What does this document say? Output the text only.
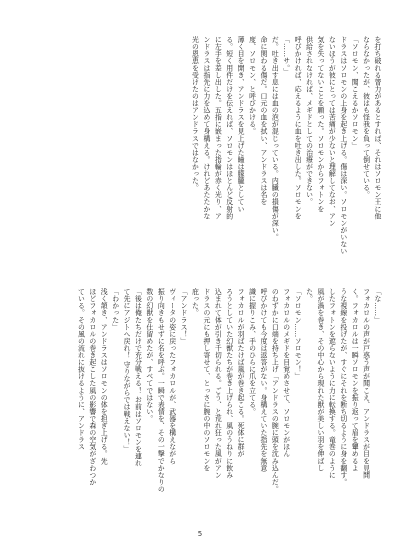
を打ち破れる膂力があるとすれば、それはソロモン王に他
ならなかったが、彼はも怪我を負って倒せている。
「ソロモン、聞こえるかソロモン」
ドラスはソロモンの上身を起き上げる。傷は深い。ソロモンがいない
ないほうが彼にとっては苦痛が少ないと理解してなお、アン
気を失ってないことを願った。ソロモンからフォトンを
供給されなければ、メギドとしての治療ができない。
呼びかければ、応えるように血を吐き出した。ソロモンを
「……サ。」
だ。吐き出す息には血の泡が混じっている。内臓の損傷が深い。
命に関わる傷だ。口元の血を拭い、アンドラスは名を
度、ソロモン、と呼びかける。
薄く目を開き、アンドラスを見上げた瞳は朦朧としてい
る。短く用件だけを伝えれば、ソロモンはほとんど反射的
に左手を差し出した。五指に嵌まった指輪が赤く光り、ア
ンドラスは指先に力を込めて身構える。けれどあたたかな
光の恩恵を受けたのはアンドラスではなかった。
「な……」
フォカロルの声が戸惑う声が聞こえ、アンドラスが目を見開
く。フォカロルは一瞬ソロモンを振り返って眉を顰めるよ
うな視線を投げたが、すぐにそれを断ち切るように身を翻す。
したフォトンを遮らないように力に転換する。竜巻のように
風が渦を巻き、その中心から現れた獣が美しい羽を伸ばし
た。
「ソロモン……ソロモン！」
フォカロルのメギドを目覚めさせて、ソロモンがほん
のわずかに口端を持ち上げ「アンドラスの腕に頭を沈み込んだ。
呼びかけても今度は返答がない。身構えていた指先を無意
識に握りこみ、手のひらに爪を立てる。
フォカロルが羽ばたけば嵐が巻き起こる。死体に群が
ろうとしていた幻獣たちが巻き上げられ、風のうねりに飲み
込まれて体が引き千切られる。ごう、と荒れ狂った風がアン
ドラスの元にも押し寄せて、とっさに腕の中のソロモンを
庇った。
「アンドラス！」
ヴィータの姿に戻ったフォカロルが、武器を構えながら
振り向きもせずに名を呼ぶ。一瞬で表情を、その一撃でかなりの
数の幻獣を仕留めたが、すべてではない。
「後は俺たちだけで充分戦える！ お前はソロモンを連れ
て先にアジトへ戻れ！ 守りながらでは戦えない！」
「わかった」
浅く頷き、アンドラスはソロモンの体を担ぎ上げる。先
ほどフォカロルの巻き起こした風の影響で森の空気がざわつか
ている。その風の流れに抜けるように、アンドラス
5
